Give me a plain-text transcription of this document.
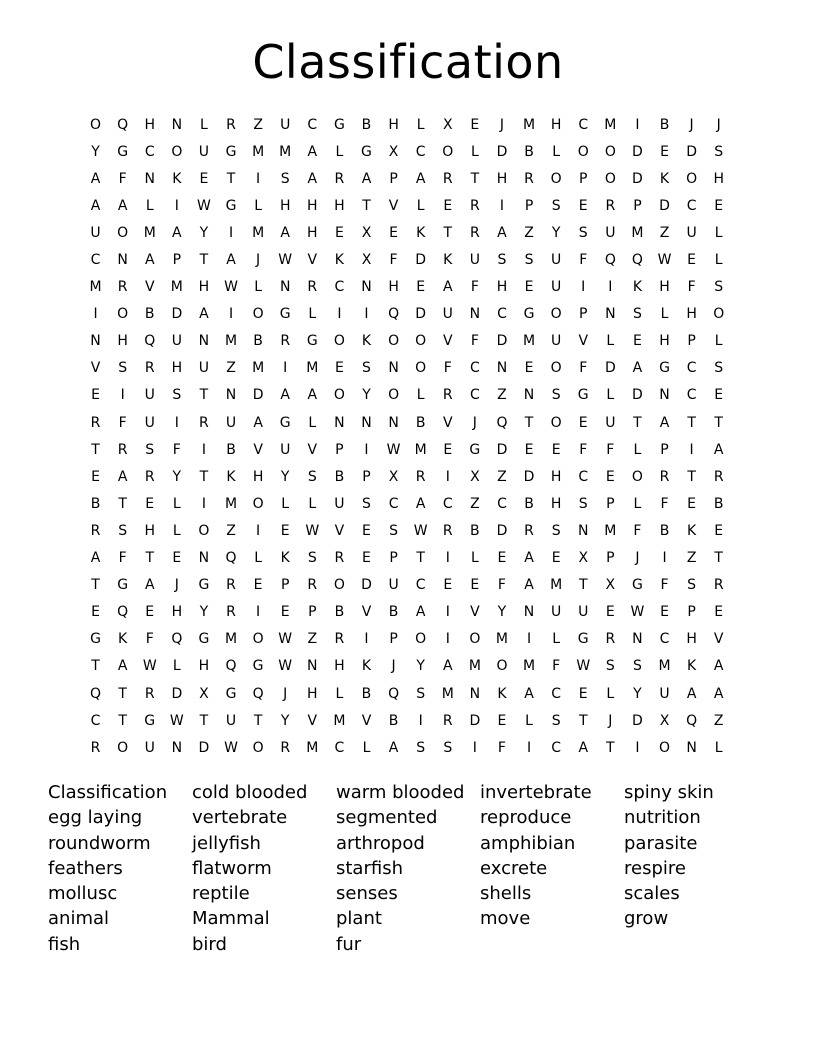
Classification
O	Q	H	N	L	R	Z	U	C	G	B	H	L	X	E	J	M	H	C	M	I	B	J	J
Y	G	C	O	U	G	M	M	A	L	G	X	C	O	L	D	B	L	O	O	D	E	D	S
A	F	N	K	E	T	I	S	A	R	A	P	A	R	T	H	R	O	P	O	D	K	O	H
A	A	L	I	W	G	L	H	H	H	T	V	L	E	R	I	P	S	E	R	P	D	C	E
U	O	M	A	Y	I	M	A	H	E	X	E	K	T	R	A	Z	Y	S	U	M	Z	U	L
C	N	A	P	T	A	J	W	V	K	X	F	D	K	U	S	S	U	F	Q	Q	W	E	L
M	R	V	M	H	W	L	N	R	C	N	H	E	A	F	H	E	U	I	I	K	H	F	S
I	O	B	D	A	I	O	G	L	I	I	Q	D	U	N	C	G	O	P	N	S	L	H	O
N	H	Q	U	N	M	B	R	G	O	K	O	O	V	F	D	M	U	V	L	E	H	P	L
V	S	R	H	U	Z	M	I	M	E	S	N	O	F	C	N	E	O	F	D	A	G	C	S
E	I	U	S	T	N	D	A	A	O	Y	O	L	R	C	Z	N	S	G	L	D	N	C	E
R	F	U	I	R	U	A	G	L	N	N	N	B	V	J	Q	T	O	E	U	T	A	T	T
T	R	S	F	I	B	V	U	V	P	I	W	M	E	G	D	E	E	F	F	L	P	I	A
E	A	R	Y	T	K	H	Y	S	B	P	X	R	I	X	Z	D	H	C	E	O	R	T	R
B	T	E	L	I	M	O	L	L	U	S	C	A	C	Z	C	B	H	S	P	L	F	E	B
R	S	H	L	O	Z	I	E	W	V	E	S	W	R	B	D	R	S	N	M	F	B	K	E
A	F	T	E	N	Q	L	K	S	R	E	P	T	I	L	E	A	E	X	P	J	I	Z	T
T	G	A	J	G	R	E	P	R	O	D	U	C	E	E	F	A	M	T	X	G	F	S	R
E	Q	E	H	Y	R	I	E	P	B	V	B	A	I	V	Y	N	U	U	E	W	E	P	E
G	K	F	Q	G	M	O	W	Z	R	I	P	O	I	O	M	I	L	G	R	N	C	H	V
T	A	W	L	H	Q	G	W	N	H	K	J	Y	A	M	O	M	F	W	S	S	M	K	A
Q	T	R	D	X	G	Q	J	H	L	B	Q	S	M	N	K	A	C	E	L	Y	U	A	A
C	T	G	W	T	U	T	Y	V	M	V	B	I	R	D	E	L	S	T	J	D	X	Q	Z
R	O	U	N	D	W	O	R	M	C	L	A	S	S	I	F	I	C	A	T	I	O	N	L
Classification
egg laying
roundworm
feathers
mollusc
animal
fish
cold blooded
vertebrate
jellyfish
flatworm
reptile
Mammal
bird
warm blooded
segmented
arthropod
starfish
senses
plant
fur
invertebrate
reproduce
amphibian
excrete
shells
move
spiny skin
nutrition
parasite
respire
scales
grow
